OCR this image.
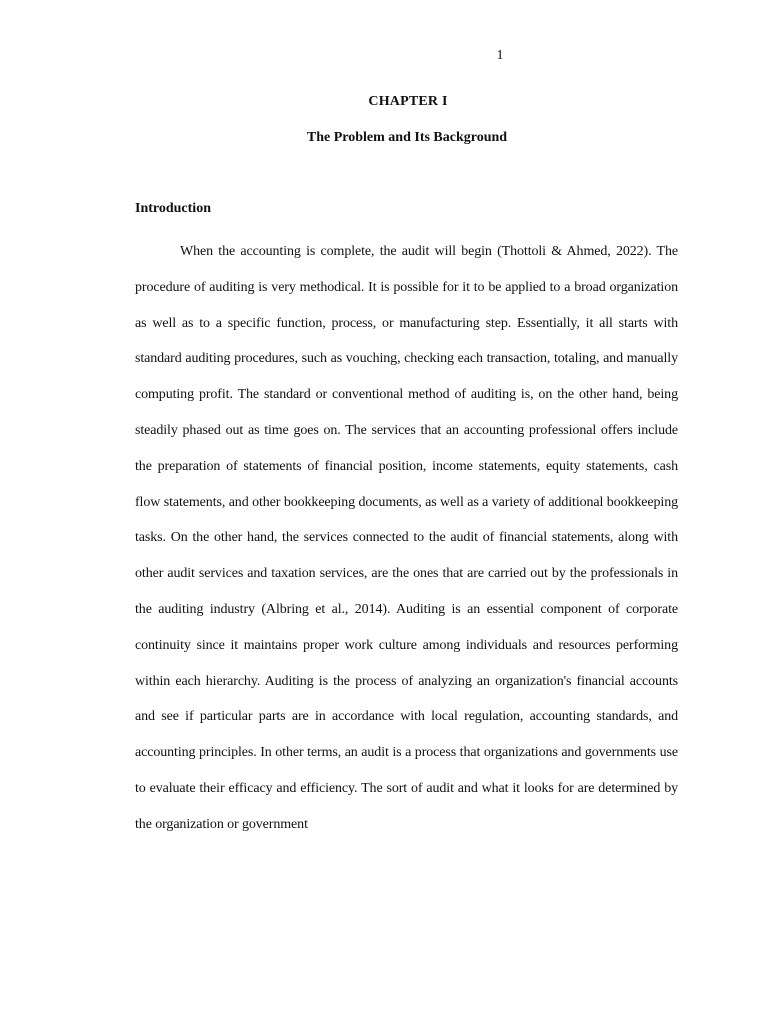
1
CHAPTER I
The Problem and Its Background
Introduction

When the accounting is complete, the audit will begin (Thottoli & Ahmed, 2022). The procedure of auditing is very methodical. It is possible for it to be applied to a broad organization as well as to a specific function, process, or manufacturing step. Essentially, it all starts with standard auditing procedures, such as vouching, checking each transaction, totaling, and manually computing profit. The standard or conventional method of auditing is, on the other hand, being steadily phased out as time goes on. The services that an accounting professional offers include the preparation of statements of financial position, income statements, equity statements, cash flow statements, and other bookkeeping documents, as well as a variety of additional bookkeeping tasks. On the other hand, the services connected to the audit of financial statements, along with other audit services and taxation services, are the ones that are carried out by the professionals in the auditing industry (Albring et al., 2014). Auditing is an essential component of corporate continuity since it maintains proper work culture among individuals and resources performing within each hierarchy. Auditing is the process of analyzing an organization's financial accounts and see if particular parts are in accordance with local regulation, accounting standards, and accounting principles. In other terms, an audit is a process that organizations and governments use to evaluate their efficacy and efficiency. The sort of audit and what it looks for are determined by the organization or government
